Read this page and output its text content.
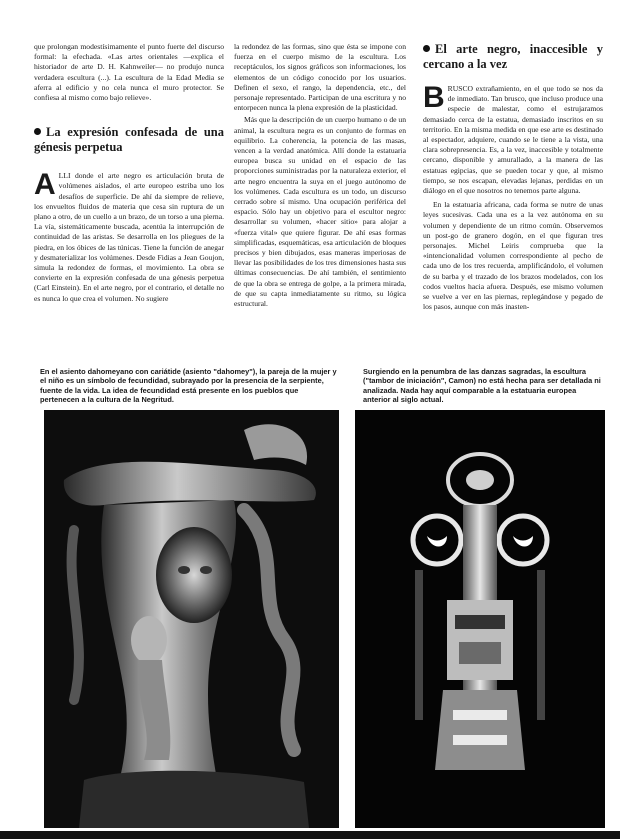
que prolongan modestísimamente el punto fuerte del discurso formal: la efechada. «Las artes orientales —explica el historiador de arte D. H. Kahnweiler— no produjo nunca verdadera escultura (...). La escultura de la Edad Media se aferra al edificio y no cela nunca el muro protector. Se confiesa al mismo como bajo relieve».

La expresión confesada de una génesis perpetua

ALLI donde el arte negro es articulación bruta de volúmenes aislados, el arte europeo estriba uno los desafíos de superficie. De ahí da siempre de relieve, los envueltos fluidos de materia que cesa sin ruptura de un plano a otro, de un cuello a un brazo, de un torso a una pierna. La vía, sistemáticamente buscada, acentúa la interrupción de continuidad de las aristas. Se desarrolla en los pliegues de la piedra, en los óbices de las túnicas. Tiene la función de anegar y desmaterializar los volúmenes. Desde Fidias a Jean Goujon, simula la redondez de formas, el movimiento. La obra se convierte en la expresión confesada de una génesis perpetua (Carl Einstein). En el arte negro, por el contrario, el detalle no es nunca lo que crea el volumen. No sugiere

la redondez de las formas, sino que ésta se impone con fuerza en el cuerpo mismo de la escultura. Los receptáculos, los signos gráficos son informaciones, los elementos de un código conocido por los usuarios. Definen el sexo, el rango, la dependencia, etc., del personaje representado. Participan de una escritura y no entorpecen nunca la plena expresión de la plasticidad.

Más que la descripción de un cuerpo humano o de un animal, la escultura negra es un conjunto de formas en equilibrio. La coherencia, la potencia de las masas, vencen a la verdad anatómica. Allí donde la estatuaria europea busca su unidad en el espacio de las proporciones suministradas por la naturaleza exterior, el arte negro encuentra la suya en el juego autónomo de los volúmenes. Cada escultura es un todo, un discurso cerrado sobre sí mismo. Una ocupación periférica del espacio. Sólo hay un objetivo para el escultor negro: desarrollar su volumen, «hacer sitio» para alojar a «fuerza vital» que quiere figurar. De ahí esas formas simplificadas, esquemáticas, esa articulación de bloques precisos y bien dibujados, esas maneras imperiosas de llevar las posibilidades de los tres dimensiones hasta sus últimas consecuencias. De ahí también, el sentimiento de que la obra se entrega de golpe, a la primera mirada, de que su capta inmediatamente su ritmo, su lógica estructural.

El arte negro, inaccesible y cercano a la vez

BRUSCO extrañamiento, en el que todo se nos da de inmediato. Tan brusco, que incluso produce una especie de malestar, como el estrujaramos demasiado cerca de la estatua, demasiado inscritos en su territorio. En la misma medida en que ese arte es destinado al espectador, adquiere, cuando se le tiene a la vista, una clara sobrepresencia. Es, a la vez, inaccesible y totalmente cercano, disponible y amurallado, a la manera de las estatuas egipcias, que se pueden tocar y que, al mismo tiempo, se nos escapan, elevadas lejanas, perdidas en un diálogo en el que nosotros no tenemos parte alguna.

En la estatuaria africana, cada forma se nutre de unas leyes sucesivas. Cada una es a la vez autónoma en su volumen y dependiente de un ritmo común. Observemos un post-go de granero dogón, en el que figuran tres personajes. Michel Leiris comprueba que la «intencionalidad volumen correspondiente al pecho de cada uno de los tres recuerda, amplificándolo, el volumen de su barba y el trazado de los brazos modelados, con los codos vueltos hacia afuera. Después, ese mismo volumen se vuelve a ver en las piernas, replegándose y pegado de los pasos, aunque con más inasten-

En el asiento dahomeyano con cariátide (asiento "dahomey"), la pareja de la mujer y el niño es un símbolo de fecundidad, subrayado por la presencia de la serpiente, fuente de la vida. La idea de fecundidad está presente en los pueblos que pertenecen a la cultura de la Negritud.
Surgiendo en la penumbra de las danzas sagradas, la escultura ("tambor de iniciación", Camon) no está hecha para ser detallada ni analizada. Nada hay aquí comparable a la estatuaria europea anterior al siglo actual.
